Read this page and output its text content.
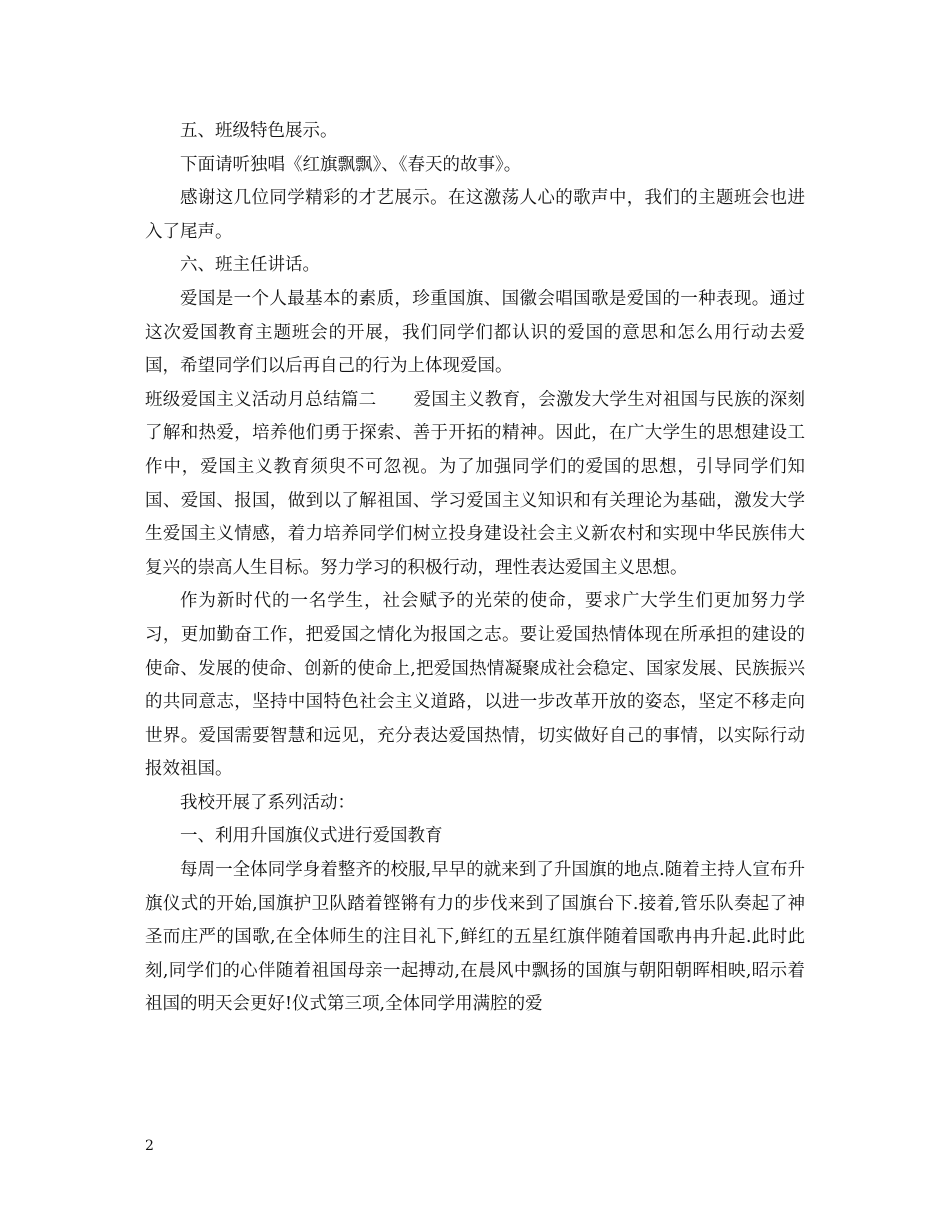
五、班级特色展示。

下面请听独唱《红旗飘飘》、《春天的故事》。

感谢这几位同学精彩的才艺展示。在这激荡人心的歌声中，我们的主题班会也进入了尾声。

六、班主任讲话。

爱国是一个人最基本的素质，珍重国旗、国徽会唱国歌是爱国的一种表现。通过这次爱国教育主题班会的开展，我们同学们都认识的爱国的意思和怎么用行动去爱国，希望同学们以后再自己的行为上体现爱国。

班级爱国主义活动月总结篇二 爱国主义教育，会激发大学生对祖国与民族的深刻了解和热爱，培养他们勇于探索、善于开拓的精神。因此，在广大学生的思想建设工作中，爱国主义教育须臾不可忽视。为了加强同学们的爱国的思想，引导同学们知国、爱国、报国，做到以了解祖国、学习爱国主义知识和有关理论为基础，激发大学生爱国主义情感，着力培养同学们树立投身建设社会主义新农村和实现中华民族伟大复兴的崇高人生目标。努力学习的积极行动，理性表达爱国主义思想。

作为新时代的一名学生，社会赋予的光荣的使命，要求广大学生们更加努力学习，更加勤奋工作，把爱国之情化为报国之志。要让爱国热情体现在所承担的建设的使命、发展的使命、创新的使命上,把爱国热情凝聚成社会稳定、国家发展、民族振兴的共同意志，坚持中国特色社会主义道路，以进一步改革开放的姿态，坚定不移走向世界。爱国需要智慧和远见，充分表达爱国热情，切实做好自己的事情，以实际行动报效祖国。

我校开展了系列活动：

一、利用升国旗仪式进行爱国教育

每周一全体同学身着整齐的校服,早早的就来到了升国旗的地点.随着主持人宣布升旗仪式的开始,国旗护卫队踏着铿锵有力的步伐来到了国旗台下.接着,管乐队奏起了神圣而庄严的国歌,在全体师生的注目礼下,鲜红的五星红旗伴随着国歌冉冉升起.此时此刻,同学们的心伴随着祖国母亲一起搏动,在晨风中飘扬的国旗与朝阳朝晖相映,昭示着祖国的明天会更好!仪式第三项,全体同学用满腔的爱

2
